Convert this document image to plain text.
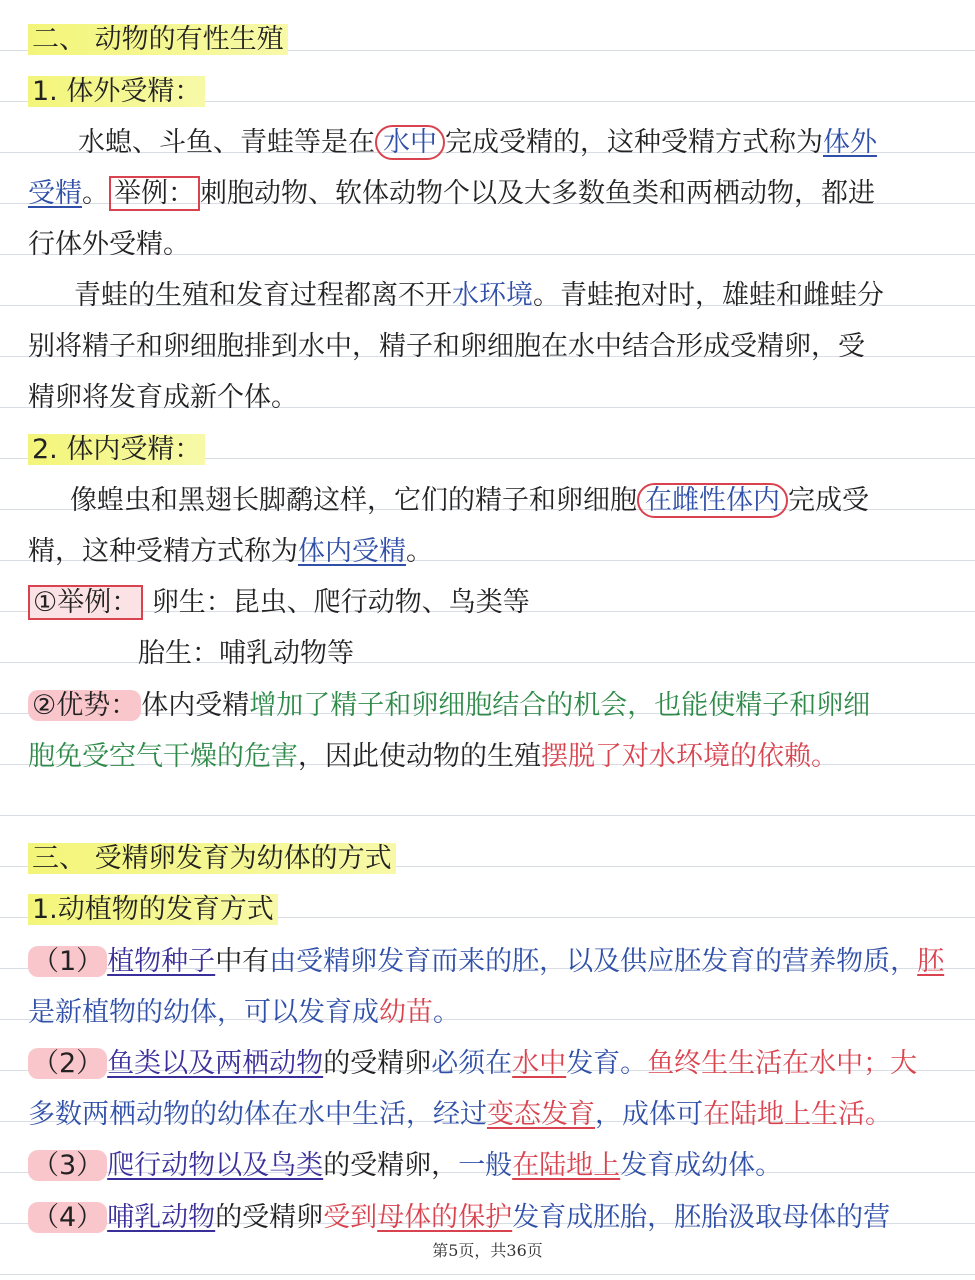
二、 动物的有性生殖
1. 体外受精：
水螅、斗鱼、青蛙等是在 水中 完成受精的，这种受精方式称为体外
受精。 举例： 刺胞动物、软体动物个以及大多数鱼类和两栖动物，都进
行体外受精。
青蛙的生殖和发育过程都离不开水环境。青蛙抱对时，雄蛙和雌蛙分
别将精子和卵细胞排到水中，精子和卵细胞在水中结合形成受精卵，受
精卵将发育成新个体。
2. 体内受精：
像蝗虫和黑翅长脚鹬这样，它们的精子和卵细胞 在雌性体内 完成受
精，这种受精方式称为体内受精。
①举例： 卵生：昆虫、爬行动物、鸟类等
胎生：哺乳动物等
②优势： 体内受精增加了精子和卵细胞结合的机会，也能使精子和卵细
胞免受空气干燥的危害，因此使动物的生殖摆脱了对水环境的依赖。
三、 受精卵发育为幼体的方式
1.动植物的发育方式
（1） 植物种子中有由受精卵发育而来的胚，以及供应胚发育的营养物质，胚
是新植物的幼体，可以发育成幼苗。
（2） 鱼类以及两栖动物的受精卵必须在水中发育。鱼终生生活在水中；大
多数两栖动物的幼体在水中生活，经过变态发育，成体可在陆地上生活。
（3） 爬行动物以及鸟类的受精卵，一般在陆地上发育成幼体。
（4） 哺乳动物的受精卵受到母体的保护发育成胚胎，胚胎汲取母体的营
第5页，共36页
